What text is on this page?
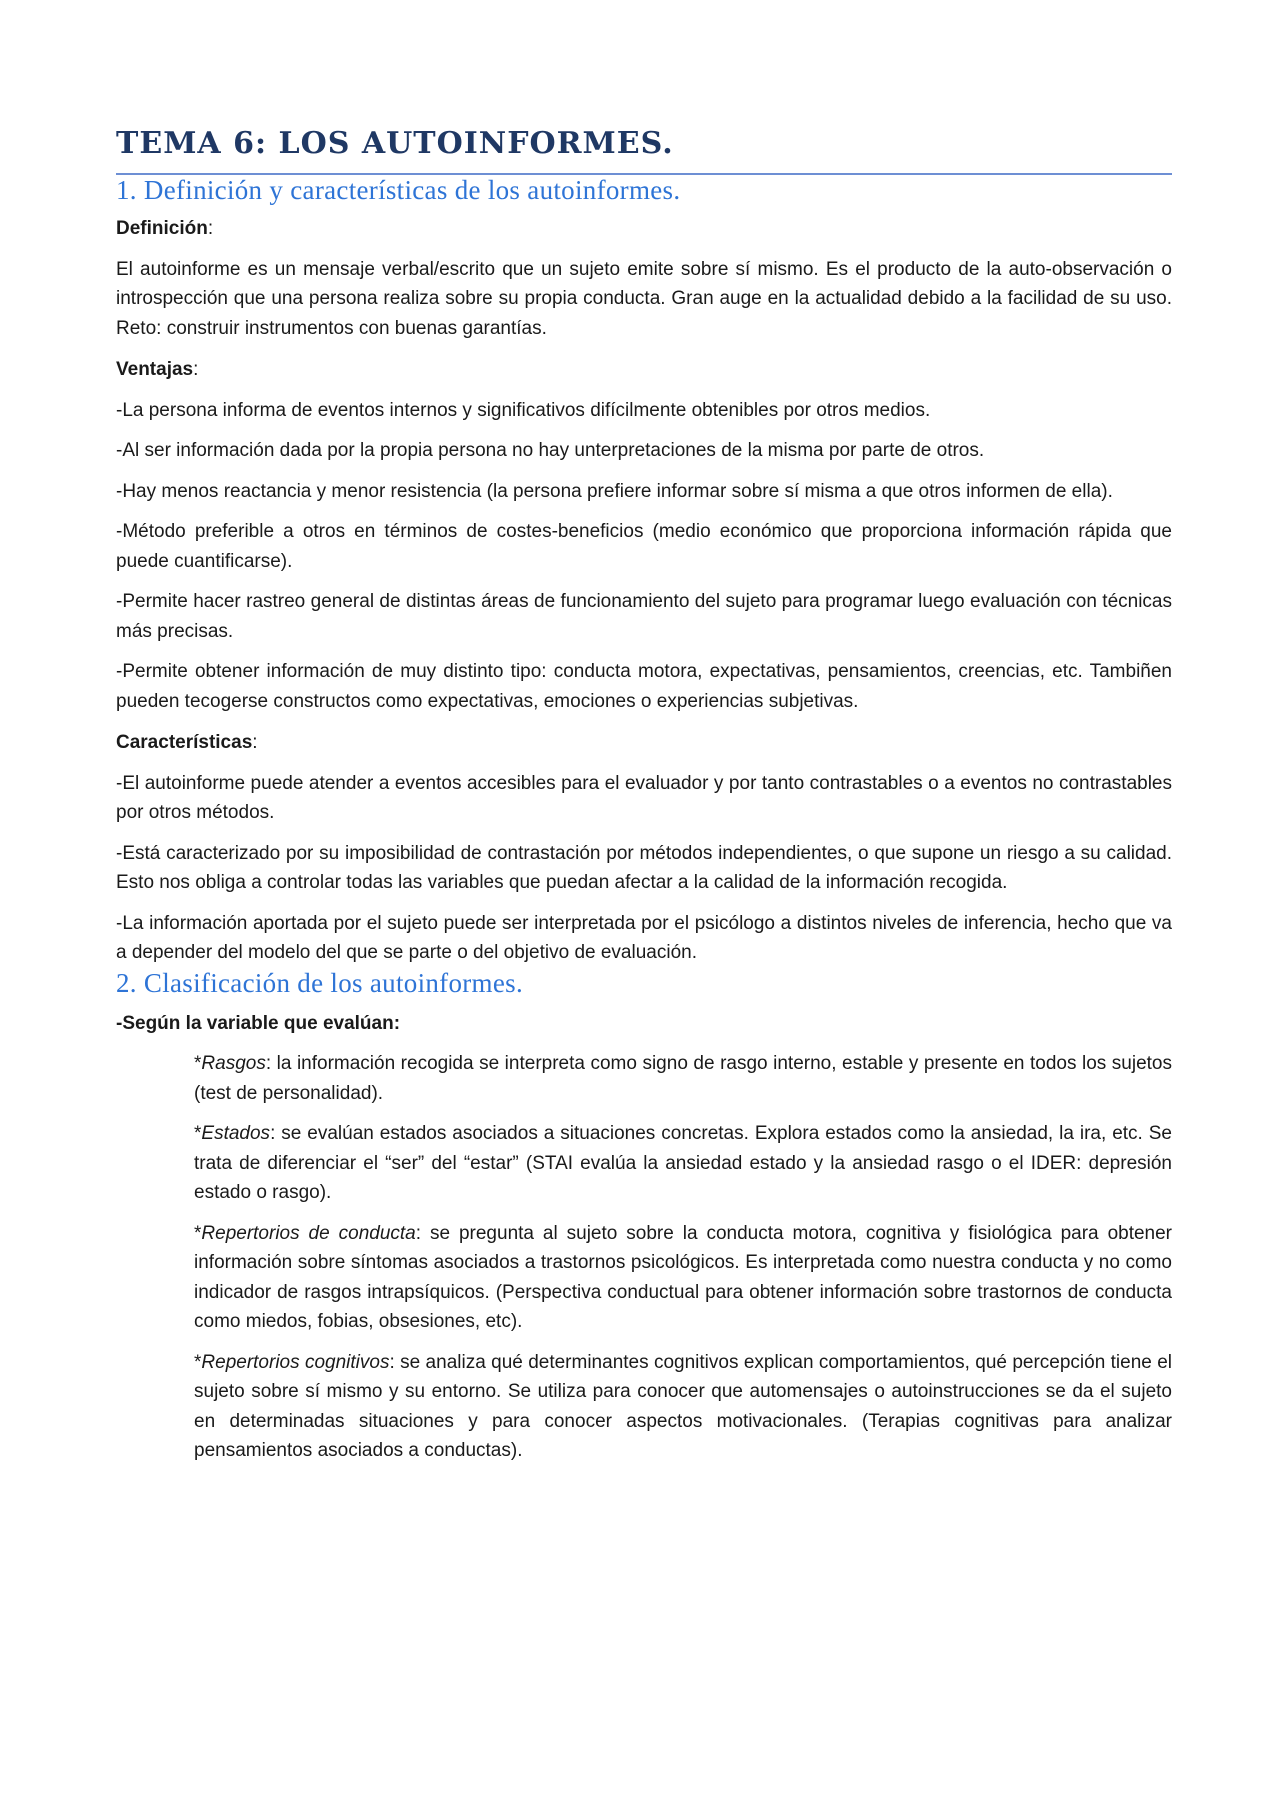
TEMA 6: LOS AUTOINFORMES.
1. Definición y características de los autoinformes.

Definición:

El autoinforme es un mensaje verbal/escrito que un sujeto emite sobre sí mismo. Es el producto de la auto-observación o introspección que una persona realiza sobre su propia conducta. Gran auge en la actualidad debido a la facilidad de su uso. Reto: construir instrumentos con buenas garantías.

Ventajas:

-La persona informa de eventos internos y significativos difícilmente obtenibles por otros medios.

-Al ser información dada por la propia persona no hay unterpretaciones de la misma por parte de otros.

-Hay menos reactancia y menor resistencia (la persona prefiere informar sobre sí misma a que otros informen de ella).

-Método preferible a otros en términos de costes-beneficios (medio económico que proporciona información rápida que puede cuantificarse).

-Permite hacer rastreo general de distintas áreas de funcionamiento del sujeto para programar luego evaluación con técnicas más precisas.

-Permite obtener información de muy distinto tipo: conducta motora, expectativas, pensamientos, creencias, etc. Tambiñen pueden tecogerse constructos como expectativas, emociones o experiencias subjetivas.

Características:

-El autoinforme puede atender a eventos accesibles para el evaluador y por tanto contrastables o a eventos no contrastables por otros métodos.

-Está caracterizado por su imposibilidad de contrastación por métodos independientes, o que supone un riesgo a su calidad. Esto nos obliga a controlar todas las variables que puedan afectar a la calidad de la información recogida.

-La información aportada por el sujeto puede ser interpretada por el psicólogo a distintos niveles de inferencia, hecho que va a depender del modelo del que se parte o del objetivo de evaluación.

2. Clasificación de los autoinformes.

-Según la variable que evalúan:

*Rasgos: la información recogida se interpreta como signo de rasgo interno, estable y presente en todos los sujetos (test de personalidad).

*Estados: se evalúan estados asociados a situaciones concretas. Explora estados como la ansiedad, la ira, etc. Se trata de diferenciar el “ser” del “estar” (STAI evalúa la ansiedad estado y la ansiedad rasgo o el IDER: depresión estado o rasgo).

*Repertorios de conducta: se pregunta al sujeto sobre la conducta motora, cognitiva y fisiológica para obtener información sobre síntomas asociados a trastornos psicológicos. Es interpretada como nuestra conducta y no como indicador de rasgos intrapsíquicos. (Perspectiva conductual para obtener información sobre trastornos de conducta como miedos, fobias, obsesiones, etc).

*Repertorios cognitivos: se analiza qué determinantes cognitivos explican comportamientos, qué percepción tiene el sujeto sobre sí mismo y su entorno. Se utiliza para conocer que automensajes o autoinstrucciones se da el sujeto en determinadas situaciones y para conocer aspectos motivacionales. (Terapias cognitivas para analizar pensamientos asociados a conductas).
